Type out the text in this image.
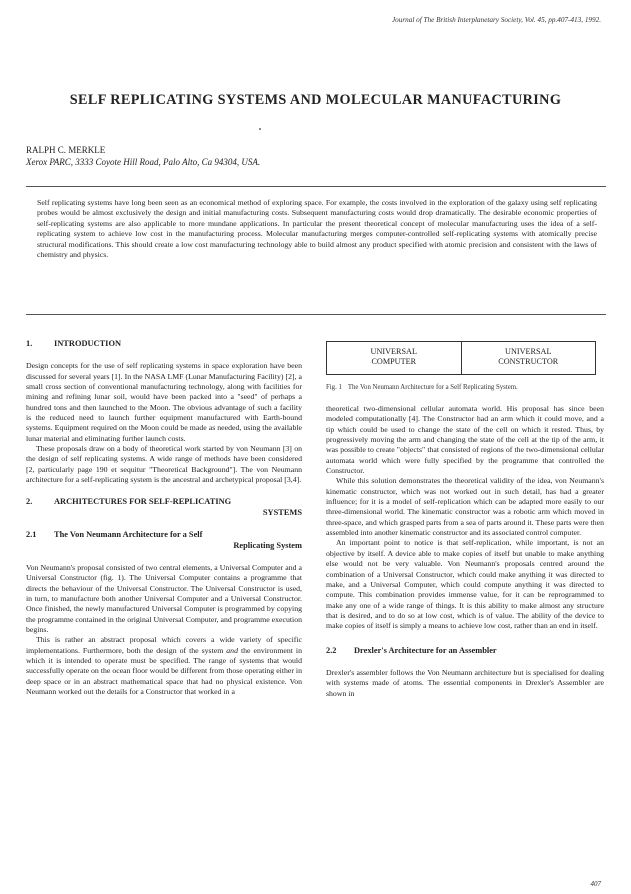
Journal of The British Interplanetary Society, Vol. 45, pp.407-413, 1992.
SELF REPLICATING SYSTEMS AND MOLECULAR MANUFACTURING
RALPH C. MERKLE
Xerox PARC, 3333 Coyote Hill Road, Palo Alto, Ca 94304, USA.
Self replicating systems have long been seen as an economical method of exploring space. For example, the costs involved in the exploration of the galaxy using self replicating probes would be almost exclusively the design and initial manufacturing costs. Subsequent manufacturing costs would drop dramatically. The desirable economic properties of self-replicating systems are also applicable to more mundane applications. In particular the present theoretical concept of molecular manufacturing uses the idea of a self-replicating system to achieve low cost in the manufacturing process. Molecular manufacturing merges computer-controlled self-replicating systems with atomically precise structural modifications. This should create a low cost manufacturing technology able to build almost any product specified with atomic precision and consistent with the laws of chemistry and physics.
1.	INTRODUCTION

Design concepts for the use of self replicating systems in space exploration have been discussed for several years [1]. In the NASA LMF (Lunar Manufacturing Facility) [2], a small cross section of conventional manufacturing technology, along with facilities for mining and refining lunar soil, would have been packed into a "seed" of perhaps a hundred tons and then launched to the Moon. The obvious advantage of such a facility is the reduced need to launch further equipment manufactured with Earth-bound systems. Equipment required on the Moon could be made as needed, using the available lunar material and eliminating further launch costs.

These proposals draw on a body of theoretical work started by von Neumann [3] on the design of self replicating systems. A wide range of methods have been considered [2, particularly page 190 et sequitur "Theoretical Background"]. The von Neumann architecture for a self-replicating system is the ancestral and archetypical proposal [3,4].

2.	ARCHITECTURES FOR SELF-REPLICATING
SYSTEMS
2.1	The Von Neumann Architecture for a Self
Replicating System

Von Neumann's proposal consisted of two central elements, a Universal Computer and a Universal Constructor (fig. 1). The Universal Computer contains a programme that directs the behaviour of the Universal Constructor. The Universal Constructor is used, in turn, to manufacture both another Universal Computer and a Universal Constructor. Once finished, the newly manufactured Universal Computer is programmed by copying the programme contained in the original Universal Computer, and programme execution begins.

This is rather an abstract proposal which covers a wide variety of specific implementations. Furthermore, both the design of the system and the environment in which it is intended to operate must be specified. The range of systems that would successfully operate on the ocean floor would be different from those operating either in deep space or in an abstract mathematical space that had no physical existence. Von Neumann worked out the details for a Constructor that worked in a

UNIVERSAL
COMPUTER
UNIVERSAL
CONSTRUCTOR
Fig. 1 The Von Neumann Architecture for a Self Replicating System.

theoretical two-dimensional cellular automata world. His proposal has since been modeled computationally [4]. The Constructor had an arm which it could move, and a tip which could be used to change the state of the cell on which it rested. Thus, by progressively moving the arm and changing the state of the cell at the tip of the arm, it was possible to create "objects" that consisted of regions of the two-dimensional cellular automata world which were fully specified by the programme that controlled the Constructor.

While this solution demonstrates the theoretical validity of the idea, von Neumann's kinematic constructor, which was not worked out in such detail, has had a greater influence; for it is a model of self-replication which can be adapted more easily to our three-dimensional world. The kinematic constructor was a robotic arm which moved in three-space, and which grasped parts from a sea of parts around it. These parts were then assembled into another kinematic constructor and its associated control computer.

An important point to notice is that self-replication, while important, is not an objective by itself. A device able to make copies of itself but unable to make anything else would not be very valuable. Von Neumann's proposals centred around the combination of a Universal Constructor, which could make anything it was directed to make, and a Universal Computer, which could compute anything it was directed to compute. This combination provides immense value, for it can be reprogrammed to make any one of a wide range of things. It is this ability to make almost any structure that is desired, and to do so at low cost, which is of value. The ability of the device to make copies of itself is simply a means to achieve low cost, rather than an end in itself.

2.2	Drexler's Architecture for an Assembler

Drexler's assembler follows the Von Neumann architecture but is specialised for dealing with systems made of atoms. The essential components in Drexler's Assembler are shown in

407
